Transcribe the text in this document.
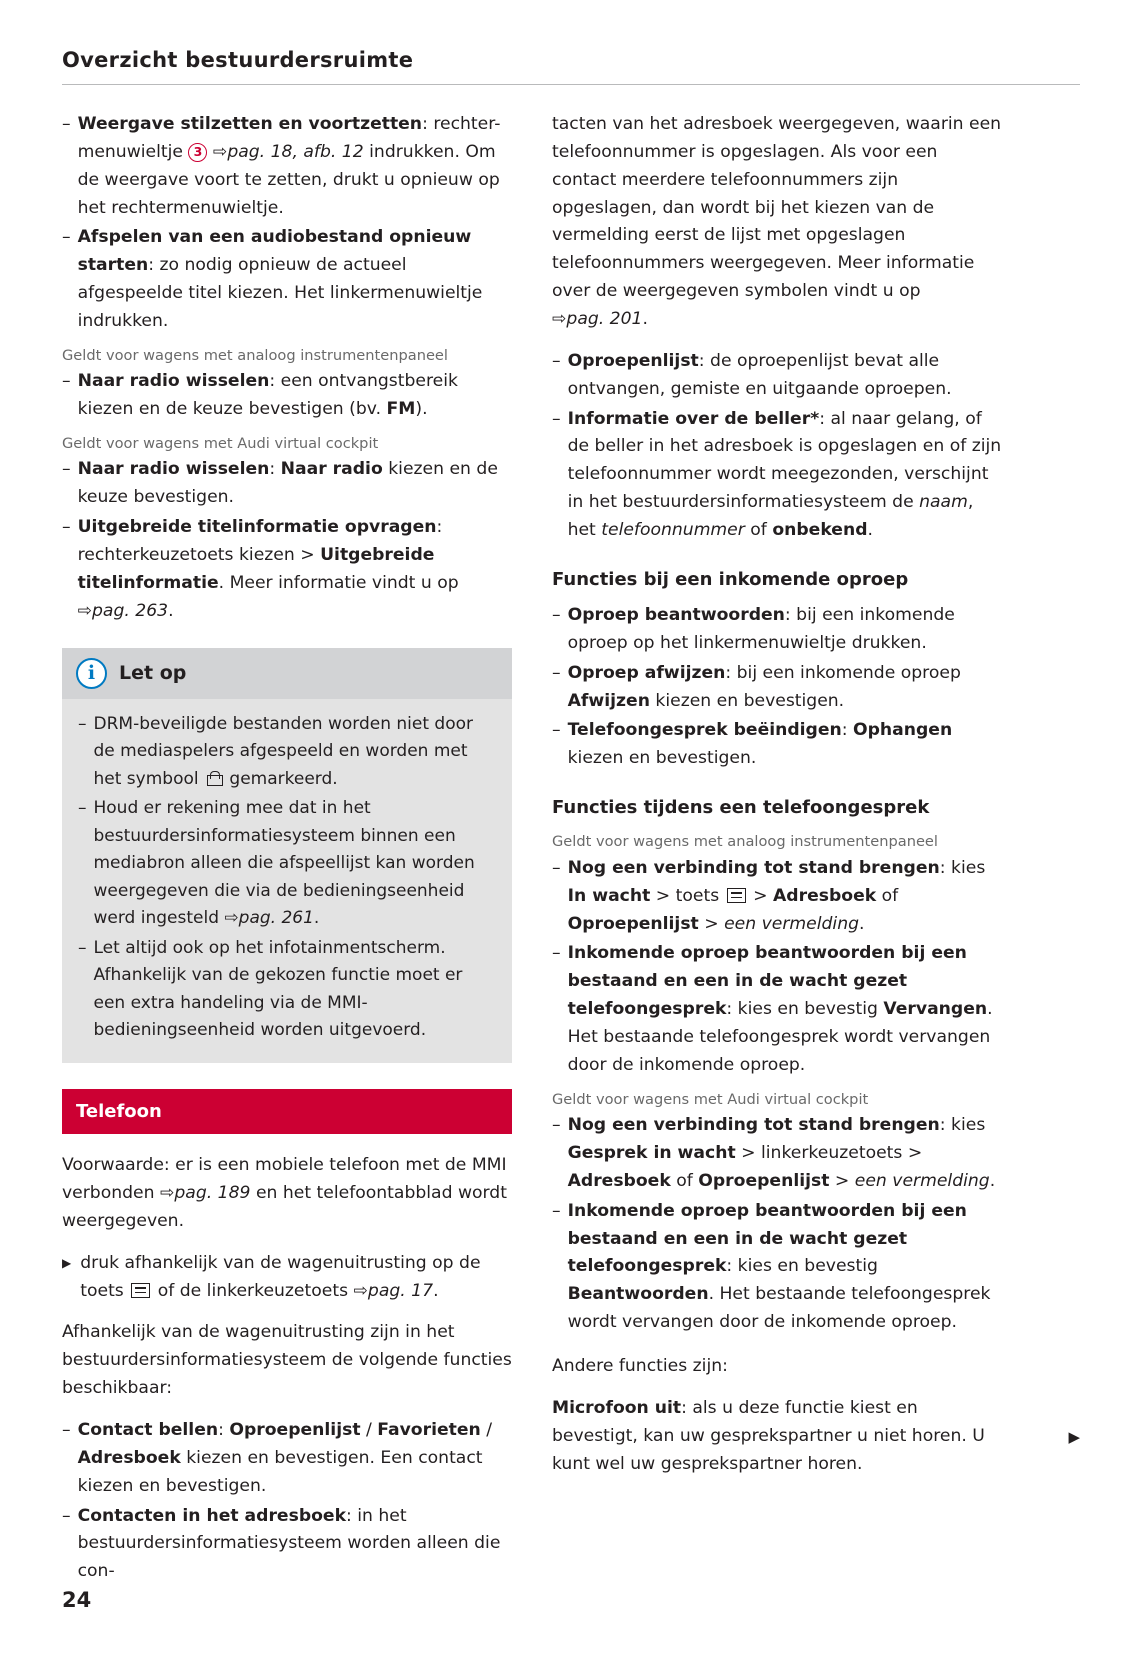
Overzicht bestuurdersruimte
– Weergave stilzetten en voortzetten: rechter-menuwieltje 3 ⇨pag. 18, afb. 12 indrukken. Om de weergave voort te zetten, drukt u opnieuw op het rechtermenuwieltje.
– Afspelen van een audiobestand opnieuw starten: zo nodig opnieuw de actueel afgespeelde titel kiezen. Het linkermenuwieltje indrukken.
Geldt voor wagens met analoog instrumentenpaneel
– Naar radio wisselen: een ontvangstbereik kiezen en de keuze bevestigen (bv. FM).
Geldt voor wagens met Audi virtual cockpit
– Naar radio wisselen: Naar radio kiezen en de keuze bevestigen.
– Uitgebreide titelinformatie opvragen: rechterkeuzetoets kiezen > Uitgebreide titelinformatie. Meer informatie vindt u op ⇨pag. 263.
i	Let op
– DRM-beveiligde bestanden worden niet door de mediaspelers afgespeeld en worden met het symbool gemarkeerd.
– Houd er rekening mee dat in het bestuurdersinformatiesysteem binnen een mediabron alleen die afspeellijst kan worden weergegeven die via de bedieningseenheid werd ingesteld ⇨pag. 261.
– Let altijd ook op het infotainmentscherm. Afhankelijk van de gekozen functie moet er een extra handeling via de MMI-bedieningseenheid worden uitgevoerd.
Telefoon

Voorwaarde: er is een mobiele telefoon met de MMI verbonden ⇨pag. 189 en het telefoontabblad wordt weergegeven.

▶ druk afhankelijk van de wagenuitrusting op de toets of de linkerkeuzetoets ⇨pag. 17.

Afhankelijk van de wagenuitrusting zijn in het bestuurdersinformatiesysteem de volgende functies beschikbaar:

– Contact bellen: Oproepenlijst / Favorieten / Adresboek kiezen en bevestigen. Een contact kiezen en bevestigen.
– Contacten in het adresboek: in het bestuurdersinformatiesysteem worden alleen die con-

tacten van het adresboek weergegeven, waarin een telefoonnummer is opgeslagen. Als voor een contact meerdere telefoonnummers zijn opgeslagen, dan wordt bij het kiezen van de vermelding eerst de lijst met opgeslagen telefoonnummers weergegeven. Meer informatie over de weergegeven symbolen vindt u op ⇨pag. 201.

– Oproepenlijst: de oproepenlijst bevat alle ontvangen, gemiste en uitgaande oproepen.
– Informatie over de beller*: al naar gelang, of de beller in het adresboek is opgeslagen en of zijn telefoonnummer wordt meegezonden, verschijnt in het bestuurdersinformatiesysteem de naam, het telefoonnummer of onbekend.
Functies bij een inkomende oproep
– Oproep beantwoorden: bij een inkomende oproep op het linkermenuwieltje drukken.
– Oproep afwijzen: bij een inkomende oproep Afwijzen kiezen en bevestigen.
– Telefoongesprek beëindigen: Ophangen kiezen en bevestigen.
Functies tijdens een telefoongesprek
Geldt voor wagens met analoog instrumentenpaneel
– Nog een verbinding tot stand brengen: kies In wacht > toets > Adresboek of Oproepenlijst > een vermelding.
– Inkomende oproep beantwoorden bij een bestaand en een in de wacht gezet telefoongesprek: kies en bevestig Vervangen. Het bestaande telefoongesprek wordt vervangen door de inkomende oproep.
Geldt voor wagens met Audi virtual cockpit
– Nog een verbinding tot stand brengen: kies Gesprek in wacht > linkerkeuzetoets > Adresboek of Oproepenlijst > een vermelding.
– Inkomende oproep beantwoorden bij een bestaand en een in de wacht gezet telefoongesprek: kies en bevestig Beantwoorden. Het bestaande telefoongesprek wordt vervangen door de inkomende oproep.

Andere functies zijn:

Microfoon uit: als u deze functie kiest en bevestigt, kan uw gesprekspartner u niet horen. U kunt wel uw gesprekspartner horen.

▶
24
